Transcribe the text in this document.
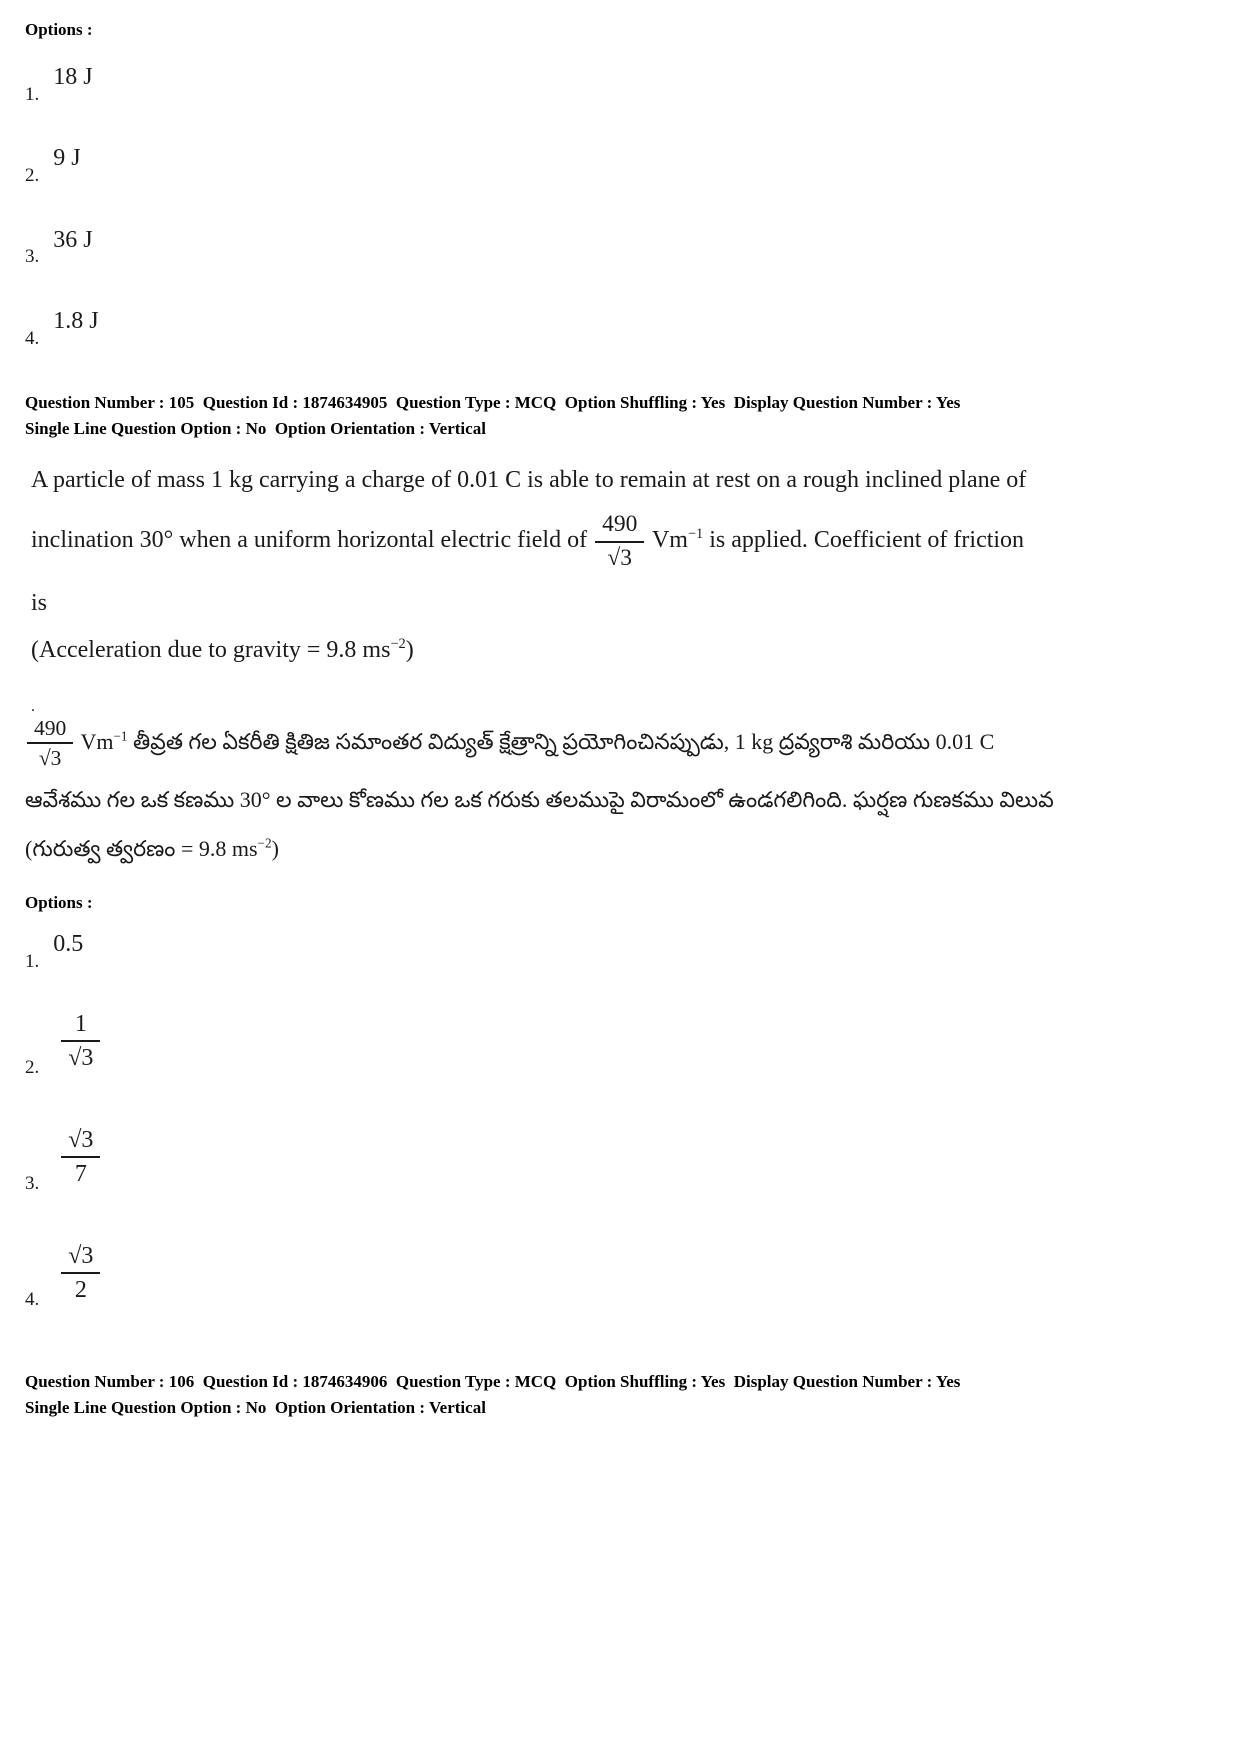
Options :
1.
18 J
2.
9 J
3.
36 J
4.
1.8 J

Question Number : 105  Question Id : 1874634905  Question Type : MCQ  Option Shuffling : Yes  Display Question Number : Yes
Single Line Question Option : No  Option Orientation : Vertical

A particle of mass 1 kg carrying a charge of 0.01 C is able to remain at rest on a rough inclined plane of inclination 30° when a uniform horizontal electric field of $\frac{490}{√3} Vm^{-1}$ is applied. Coefficient of friction is

(Acceleration due to gravity = 9.8 $ms^{-2}$)

.

$\frac{490}{√3} Vm^{-1}$ తీవ్రత గల ఏకరీతి క్షితిజ సమాంతర విద్యుత్ క్షేత్రాన్ని ప్రయోగించినప్పుడు, 1 kg ద్రవ్యరాశి మరియు 0.01 C ఆవేశము గల ఒక కణము 30° ల వాలు కోణము గల ఒక గరుకు తలముపై విరామంలో ఉండగలిగింది. ఘర్షణ గుణకము విలువ

(గురుత్వ త్వరణం = 9.8 $ms^{-2}$)

Options :
1.
0.5
2. $\frac{1}{√3}$
3. $\frac{√3}{7}$
4. $\frac{√3}{2}$

Question Number : 106  Question Id : 1874634906  Question Type : MCQ  Option Shuffling : Yes  Display Question Number : Yes
Single Line Question Option : No  Option Orientation : Vertical
